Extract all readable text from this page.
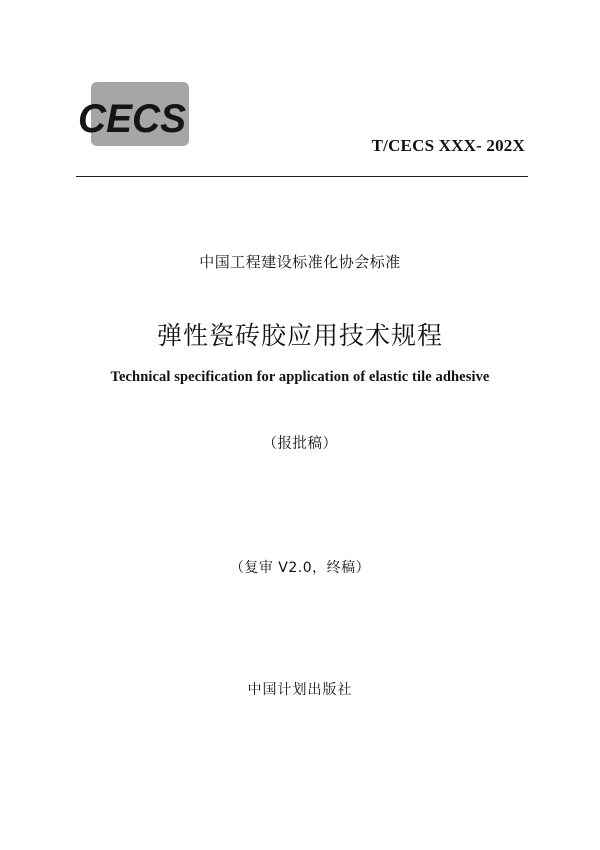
CECS
T/CECS XXX- 202X
中国工程建设标准化协会标准
弹性瓷砖胶应用技术规程
Technical specification for application of elastic tile adhesive
（报批稿）
（复审 V2.0，终稿）
中国计划出版社
